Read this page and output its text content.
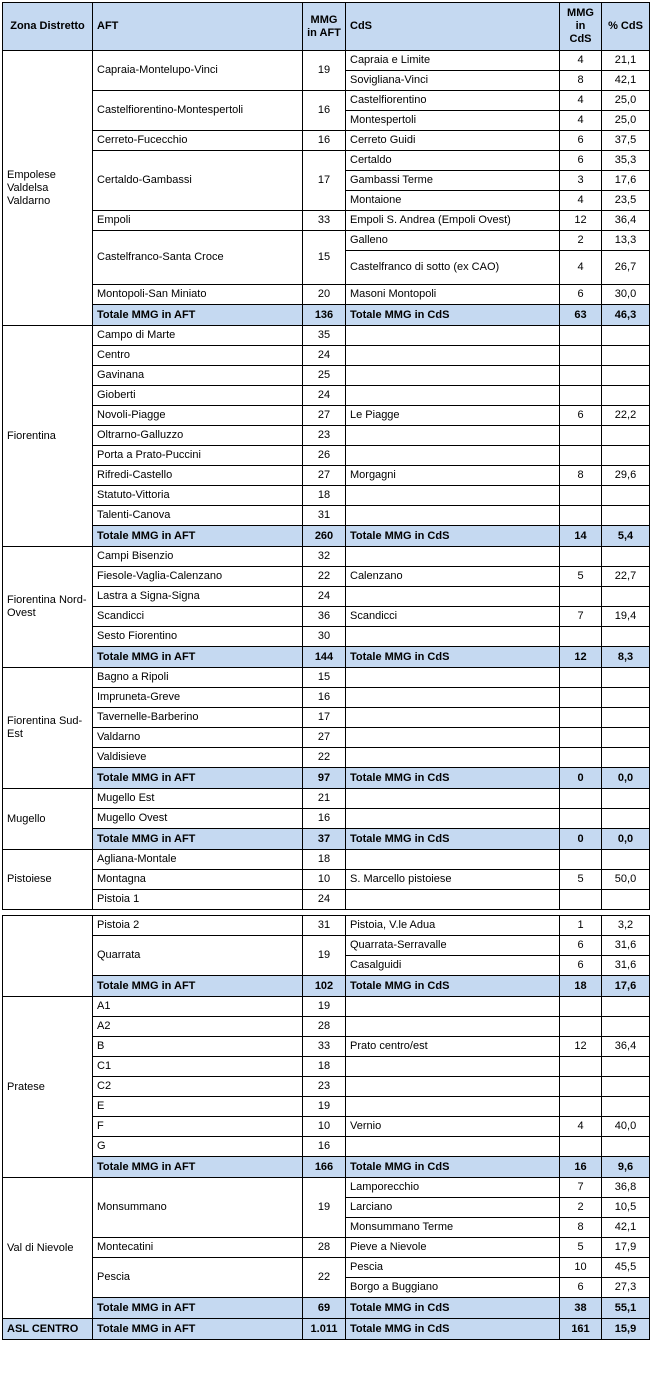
Zona Distretto	AFT	MMG in AFT	CdS	MMG in CdS	% CdS
Empolese Valdelsa Valdarno	Capraia-Montelupo-Vinci	19	Capraia e Limite	4	21,1
			Sovigliana-Vinci	8	42,1
	Castelfiorentino-Montespertoli	16	Castelfiorentino	4	25,0
			Montespertoli	4	25,0
	Cerreto-Fucecchio	16	Cerreto Guidi	6	37,5
	Certaldo-Gambassi	17	Certaldo	6	35,3
			Gambassi Terme	3	17,6
			Montaione	4	23,5
	Empoli	33	Empoli S. Andrea (Empoli Ovest)	12	36,4
	Castelfranco-Santa Croce	15	Galleno	2	13,3
			Castelfranco di sotto (ex CAO)	4	26,7
	Montopoli-San Miniato	20	Masoni Montopoli	6	30,0
	Totale MMG in AFT	136	Totale MMG in CdS	63	46,3
Fiorentina	Campo di Marte	35			
	Centro	24			
	Gavinana	25			
	Gioberti	24			
	Novoli-Piagge	27	Le Piagge	6	22,2
	Oltrarno-Galluzzo	23			
	Porta a Prato-Puccini	26			
	Rifredi-Castello	27	Morgagni	8	29,6
	Statuto-Vittoria	18			
	Talenti-Canova	31			
	Totale MMG in AFT	260	Totale MMG in CdS	14	5,4
Fiorentina Nord-Ovest	Campi Bisenzio	32			
	Fiesole-Vaglia-Calenzano	22	Calenzano	5	22,7
	Lastra a Signa-Signa	24			
	Scandicci	36	Scandicci	7	19,4
	Sesto Fiorentino	30			
	Totale MMG in AFT	144	Totale MMG in CdS	12	8,3
Fiorentina Sud-Est	Bagno a Ripoli	15			
	Impruneta-Greve	16			
	Tavernelle-Barberino	17			
	Valdarno	27			
	Valdisieve	22			
	Totale MMG in AFT	97	Totale MMG in CdS	0	0,0
Mugello	Mugello Est	21			
	Mugello Ovest	16			
	Totale MMG in AFT	37	Totale MMG in CdS	0	0,0
Pistoiese	Agliana-Montale	18			
	Montagna	10	S. Marcello pistoiese	5	50,0
	Pistoia 1	24			

	Pistoia 2	31	Pistoia, V.le Adua	1	3,2
	Quarrata	19	Quarrata-Serravalle	6	31,6
			Casalguidi	6	31,6
	Totale MMG in AFT	102	Totale MMG in CdS	18	17,6
Pratese	A1	19			
	A2	28			
	B	33	Prato centro/est	12	36,4
	C1	18			
	C2	23			
	E	19			
	F	10	Vernio	4	40,0
	G	16			
	Totale MMG in AFT	166	Totale MMG in CdS	16	9,6
Val di Nievole	Monsummano	19	Lamporecchio	7	36,8
			Larciano	2	10,5
			Monsummano Terme	8	42,1
	Montecatini	28	Pieve a Nievole	5	17,9
	Pescia	22	Pescia	10	45,5
			Borgo a Buggiano	6	27,3
	Totale MMG in AFT	69	Totale MMG in CdS	38	55,1
ASL CENTRO	Totale MMG in AFT	1.011	Totale MMG in CdS	161	15,9
